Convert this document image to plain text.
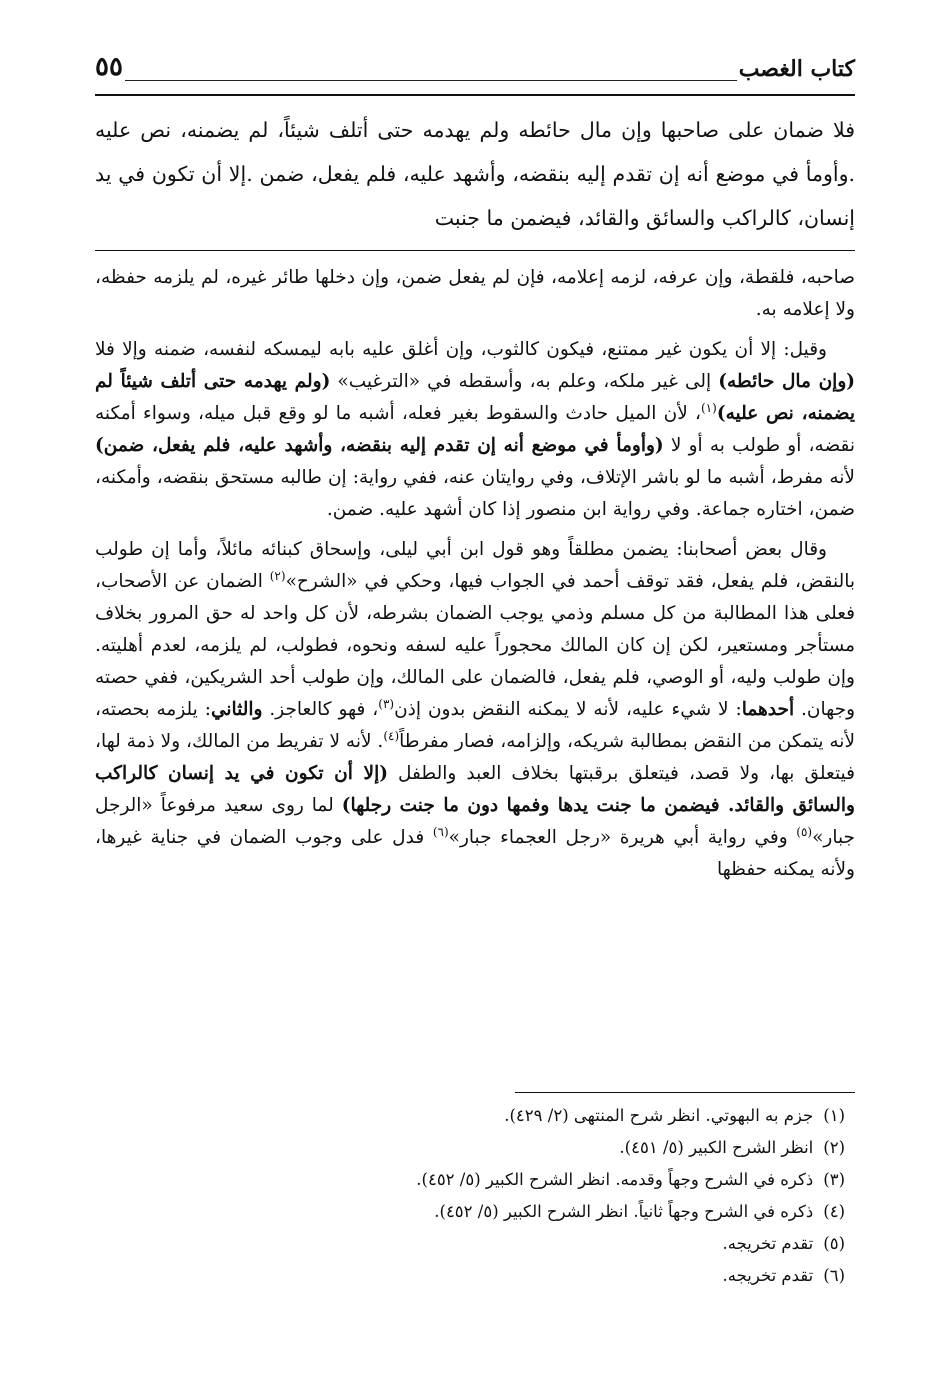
كتاب الغصب
٥٥

فلا ضمان على صاحبها وإن مال حائطه ولم يهدمه حتى أتلف شيئاً، لم يضمنه، نص عليه .وأومأ في موضع أنه إن تقدم إليه بنقضه، وأشهد عليه، فلم يفعل، ضمن .إلا أن تكون في يد إنسان، كالراكب والسائق والقائد، فيضمن ما جنبت

صاحبه، فلقطة، وإن عرفه، لزمه إعلامه، فإن لم يفعل ضمن، وإن دخلها طائر غيره، لم يلزمه حفظه، ولا إعلامه به.

وقيل: إلا أن يكون غير ممتنع، فيكون كالثوب، وإن أغلق عليه بابه ليمسكه لنفسه، ضمنه وإلا فلا (وإن مال حائطه) إلى غير ملكه، وعلم به، وأسقطه في «الترغيب» (ولم يهدمه حتى أتلف شيئاً لم يضمنه، نص عليه)$^{(١)}$، لأن الميل حادث والسقوط بغير فعله، أشبه ما لو وقع قبل ميله، وسواء أمكنه نقضه، أو طولب به أو لا (وأومأ في موضع أنه إن تقدم إليه بنقضه، وأشهد عليه، فلم يفعل، ضمن) لأنه مفرط، أشبه ما لو باشر الإتلاف، وفي روايتان عنه، ففي رواية: إن طالبه مستحق بنقضه، وأمكنه، ضمن، اختاره جماعة. وفي رواية ابن منصور إذا كان أشهد عليه. ضمن.

وقال بعض أصحابنا: يضمن مطلقاً وهو قول ابن أبي ليلى، وإسحاق كبنائه مائلاً، وأما إن طولب بالنقض، فلم يفعل، فقد توقف أحمد في الجواب فيها، وحكي في «الشرح»$^{(٢)}$ الضمان عن الأصحاب، فعلى هذا المطالبة من كل مسلم وذمي يوجب الضمان بشرطه، لأن كل واحد له حق المرور بخلاف مستأجر ومستعير، لكن إن كان المالك محجوراً عليه لسفه ونحوه، فطولب، لم يلزمه، لعدم أهليته. وإن طولب وليه، أو الوصي، فلم يفعل، فالضمان على المالك، وإن طولب أحد الشريكين، ففي حصته وجهان. أحدهما: لا شيء عليه، لأنه لا يمكنه النقض بدون إذن$^{(٣)}$، فهو كالعاجز. والثاني: يلزمه بحصته، لأنه يتمكن من النقض بمطالبة شريكه، وإلزامه، فصار مفرطاً$^{(٤)}$. لأنه لا تفريط من المالك، ولا ذمة لها، فيتعلق بها، ولا قصد، فيتعلق برقبتها بخلاف العبد والطفل (إلا أن تكون في يد إنسان كالراكب والسائق والقائد. فيضمن ما جنت يدها وفمها دون ما جنت رجلها) لما روى سعيد مرفوعاً «الرجل جبار»$^{(٥)}$ وفي رواية أبي هريرة «رجل العجماء جبار»$^{(٦)}$ فدل على وجوب الضمان في جناية غيرها، ولأنه يمكنه حفظها

(١)جزم به البهوتي. انظر شرح المنتهى (٢/ ٤٢٩).
(٢)انظر الشرح الكبير (٥/ ٤٥١).
(٣)ذكره في الشرح وجهاً وقدمه. انظر الشرح الكبير (٥/ ٤٥٢).
(٤)ذكره في الشرح وجهاً ثانياً. انظر الشرح الكبير (٥/ ٤٥٢).
(٥)تقدم تخريجه.
(٦)تقدم تخريجه.
